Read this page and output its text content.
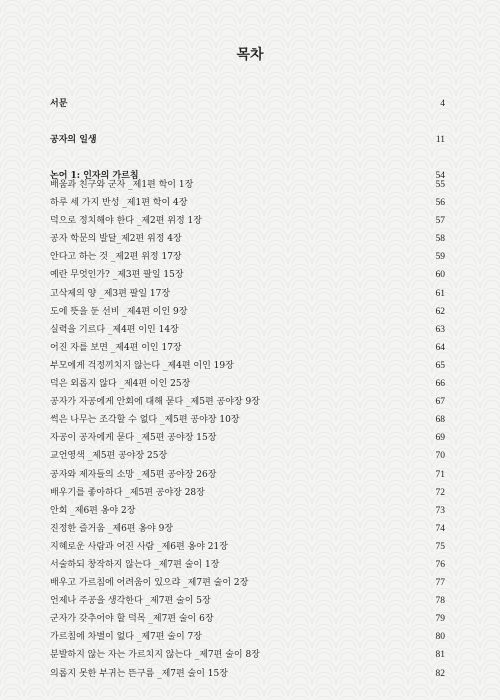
목차
서문	4
공자의 일생	11
논어 1: 인자의 가르침	54
배움과 친구와 군자 _제1편 학이 1장	55
하루 세 가지 반성 _제1편 학이 4장	56
덕으로 정치해야 한다 _제2편 위정 1장	57
공자 학문의 발달_제2편 위정 4장	58
안다고 하는 것 _제2편 위정 17장	59
예란 무엇인가? _제3편 팔일 15장	60
고삭제의 양 _제3편 팔일 17장	61
도에 뜻을 둔 선비 _제4편 이인 9장	62
실력을 기르다 _제4편 이인 14장	63
어진 자를 보면 _제4편 이인 17장	64
부모에게 걱정끼치지 않는다 _제4편 이인 19장	65
덕은 외롭지 않다 _제4편 이인 25장	66
공자가 자공에게 안회에 대해 묻다 _제5편 공야장 9장	67
썩은 나무는 조각할 수 없다 _제5편 공야장 10장	68
자공이 공자에게 묻다 _제5편 공야장 15장	69
교언영색 _제5편 공야장 25장	70
공자와 제자들의 소망 _제5편 공야장 26장	71
배우기를 좋아하다 _제5편 공야장 28장	72
안회 _제6편 옹야 2장	73
진정한 즐거움 _제6편 옹야 9장	74
지혜로운 사람과 어진 사람 _제6편 옹야 21장	75
서술하되 창작하지 않는다 _제7편 술이 1장	76
배우고 가르침에 어려움이 있으랴 _제7편 술이 2장	77
언제나 주공을 생각한다 _제7편 술이 5장	78
군자가 갖추어야 할 덕목 _제7편 술이 6장	79
가르침에 차별이 없다 _제7편 술이 7장	80
분발하지 않는 자는 가르치지 않는다 _제7편 술이 8장	81
의롭지 못한 부귀는 뜬구름 _제7편 술이 15장	82
